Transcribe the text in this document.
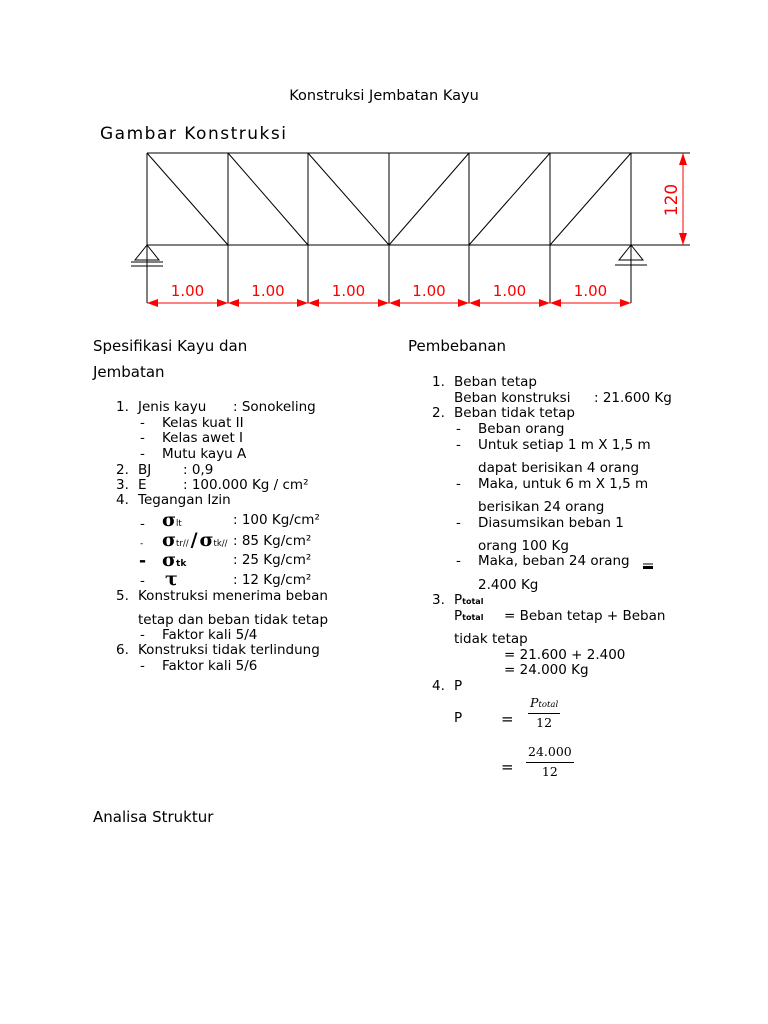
Konstruksi Jembatan Kayu
Gambar Konstruksi
120
1.00	1.00	1.00	1.00	1.00	1.00
Spesifikasi Kayu dan
Jembatan
1. Jenis kayu : Sonokeling
- Kelas kuat II
- Kelas awet I
- Mutu kayu A
2. BJ : 0,9
3. E	: 100.000 Kg / cm²
4. Tegangan Izin
- σlt	: 100 Kg/cm²
- σtr// / σtk// : 85 Kg/cm²
- σtk	: 25 Kg/cm²
- τ	: 12 Kg/cm²
5. Konstruksi menerima beban
tetap dan beban tidak tetap
- Faktor kali 5/4
6. Konstruksi tidak terlindung
- Faktor kali 5/6
Pembebanan
1. Beban tetap
Beban konstruksi : 21.600 Kg
2. Beban tidak tetap
- Beban orang
- Untuk setiap 1 m X 1,5 m
dapat berisikan 4 orang
- Maka, untuk 6 m X 1,5 m
berisikan 24 orang
- Diasumsikan beban 1
orang 100 Kg
- Maka, beban 24 orang
2.400 Kg
3. Ptotal
Ptotal = Beban tetap + Beban
tidak tetap
= 21.600 + 2.400
= 24.000 Kg
4. P
P	=
Ptotal
12
= $\frac{24.000}{12}$
Analisa Struktur
